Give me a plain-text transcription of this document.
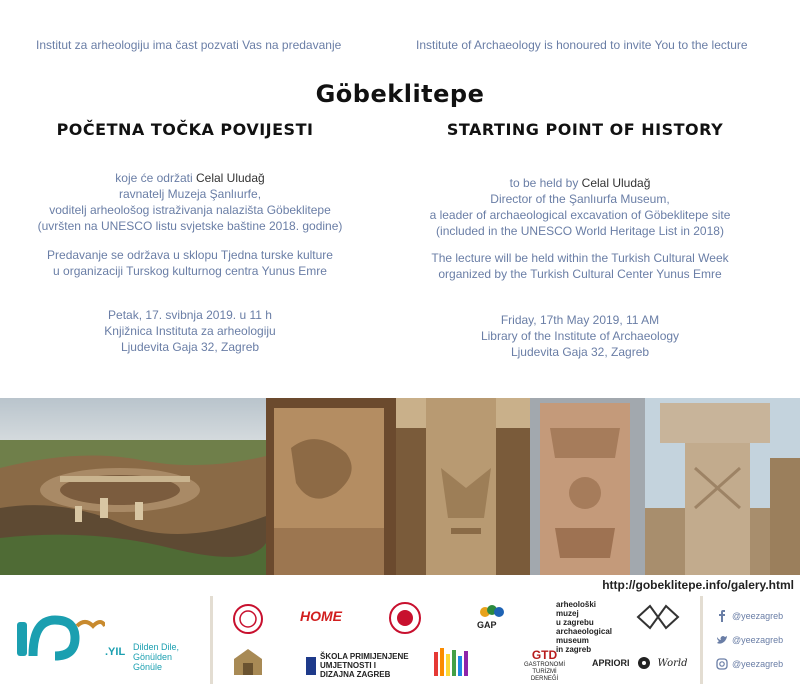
Institut za arheologiju ima čast pozvati Vas na predavanje	Institute of Archaeology is honoured to invite You to the lecture
Göbeklitepe
POČETNA TOČKA POVIJESTI	STARTING POINT OF HISTORY
koje će održati Celal Uludağ
ravnatelj Muzeja Şanlıurfe,
voditelj arheološog istraživanja nalazišta Göbeklitepe
(uvršten na UNESCO listu svjetske baštine 2018. godine)
Predavanje se održava u sklopu Tjedna turske kulture
u organizaciji Turskog kulturnog centra Yunus Emre
Petak, 17. svibnja 2019. u 11 h
Knjižnica Instituta za arheologiju
Ljudevita Gaja 32, Zagreb
to be held by Celal Uludağ
Director of the Şanlıurfa Museum,
a leader of archaeological excavation of Göbeklitepe site
(included in the UNESCO World Heritage List in 2018)
The lecture will be held within the Turkish Cultural Week
organized by the Turkish Cultural Center Yunus Emre
Friday, 17th May 2019, 11 AM
Library of the Institute of Archaeology
Ljudevita Gaja 32, Zagreb
http://gobeklitepe.info/galery.html
.YIL Dilden Dile,
Gönülden Gönüle
HOME
GAP
arheološki
muzej
u zagrebu
archaeological
museum
in zagreb
ŠKOLA PRIMIJENJENE
UMJETNOSTI I
DIZAJNA ZAGREB
GTD
GASTRONOMİ
TURİZMİ
DERNEĞİ
APRIORI	World
@yeezagreb
@yeezagreb
@yeezagreb
